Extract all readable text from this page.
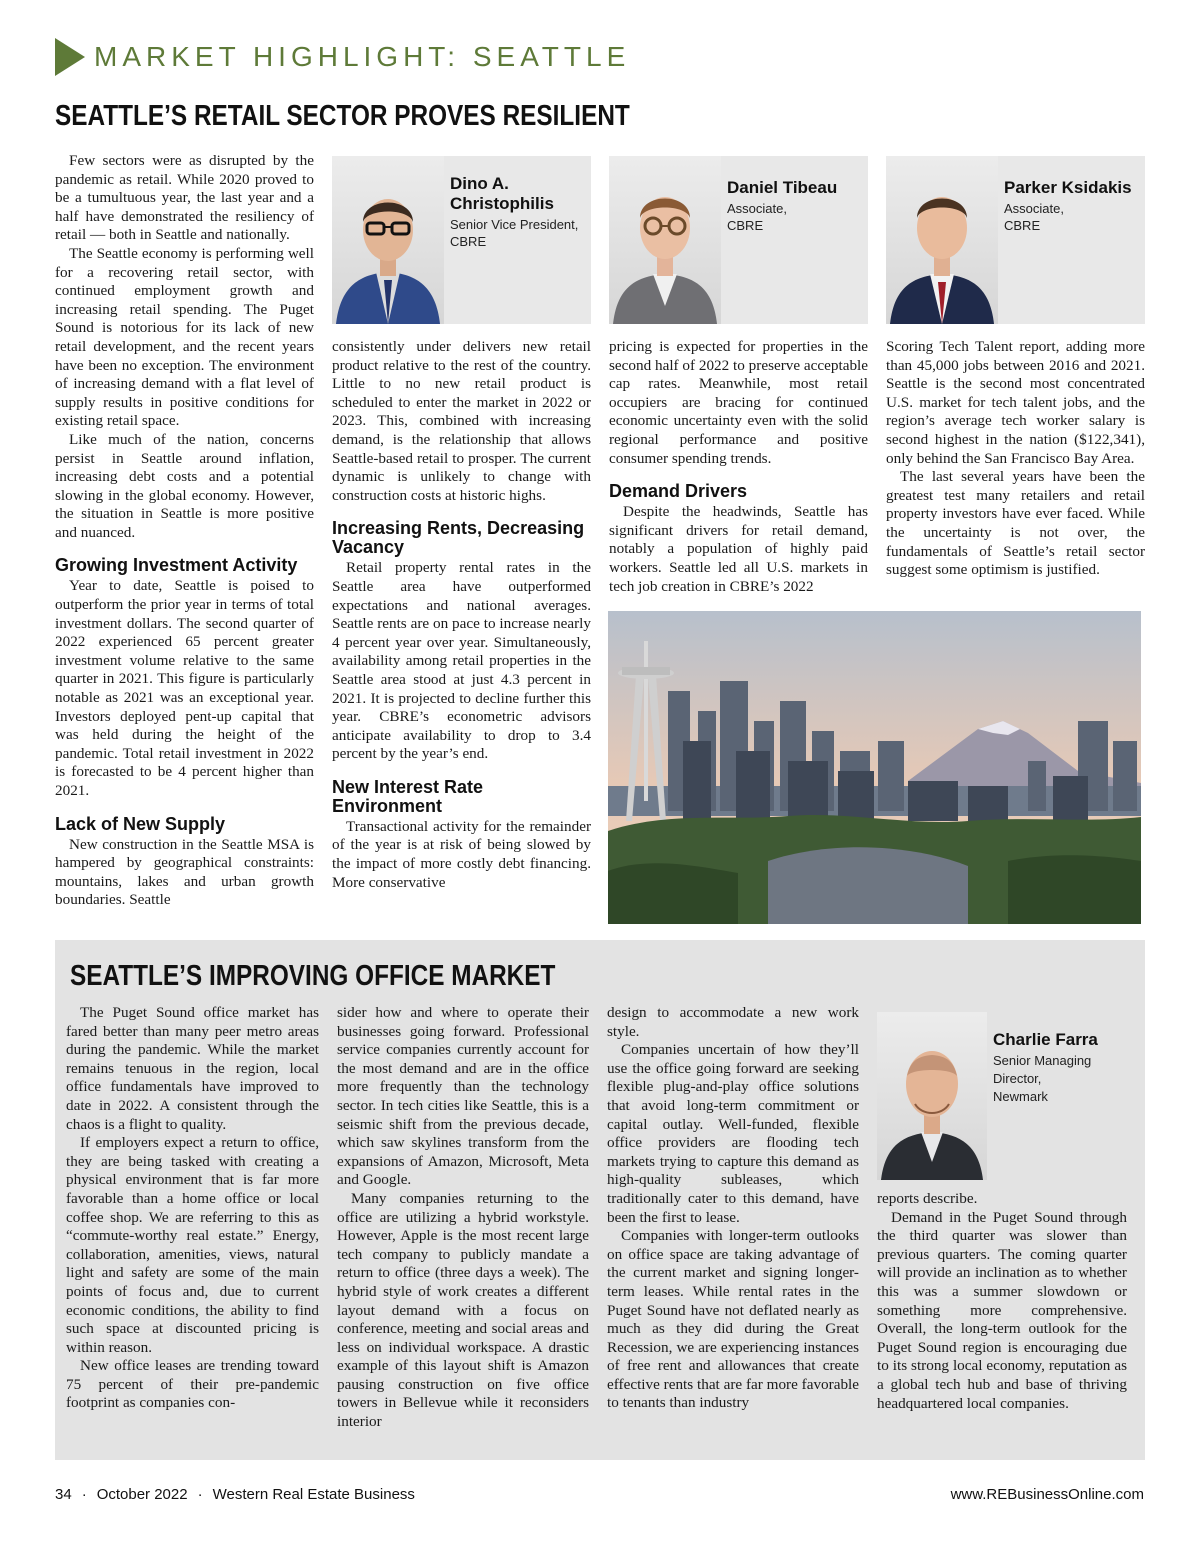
MARKET HIGHLIGHT: SEATTLE
SEATTLE’S RETAIL SECTOR PROVES RESILIENT

Few sectors were as disrupted by the pandemic as retail. While 2020 proved to be a tumultuous year, the last year and a half have demonstrated the resiliency of retail — both in Seattle and nationally.

The Seattle economy is performing well for a recovering retail sector, with continued employment growth and increasing retail spending. The Puget Sound is notorious for its lack of new retail development, and the recent years have been no exception. The environment of increasing demand with a flat level of supply results in positive conditions for existing retail space.

Like much of the nation, concerns persist in Seattle around inflation, increasing debt costs and a potential slowing in the global economy. However, the situation in Seattle is more positive and nuanced.

Growing Investment Activity

Year to date, Seattle is poised to outperform the prior year in terms of total investment dollars. The second quarter of 2022 experienced 65 percent greater investment volume relative to the same quarter in 2021. This figure is particularly notable as 2021 was an exceptional year. Investors deployed pent-up capital that was held during the height of the pandemic. Total retail investment in 2022 is forecasted to be 4 percent higher than 2021.

Lack of New Supply

New construction in the Seattle MSA is hampered by geographical constraints: mountains, lakes and urban growth boundaries. Seattle

Dino A.
Christophilis
Senior Vice President,
CBRE
Daniel Tibeau
Associate,
CBRE
Parker Ksidakis
Associate,
CBRE

consistently under delivers new retail product relative to the rest of the country. Little to no new retail product is scheduled to enter the market in 2022 or 2023. This, combined with increasing demand, is the relationship that allows Seattle-based retail to prosper. The current dynamic is unlikely to change with construction costs at historic highs.

Increasing Rents, Decreasing Vacancy

Retail property rental rates in the Seattle area have outperformed expectations and national averages. Seattle rents are on pace to increase nearly 4 percent year over year. Simultaneously, availability among retail properties in the Seattle area stood at just 4.3 percent in 2021. It is projected to decline further this year. CBRE’s econometric advisors anticipate availability to drop to 3.4 percent by the year’s end.

New Interest Rate Environment

Transactional activity for the remainder of the year is at risk of being slowed by the impact of more costly debt financing. More conservative

pricing is expected for properties in the second half of 2022 to preserve acceptable cap rates. Meanwhile, most retail occupiers are bracing for continued economic uncertainty even with the solid regional performance and positive consumer spending trends.

Demand Drivers

Despite the headwinds, Seattle has significant drivers for retail demand, notably a population of highly paid workers. Seattle led all U.S. markets in tech job creation in CBRE’s 2022

Scoring Tech Talent report, adding more than 45,000 jobs between 2016 and 2021. Seattle is the second most concentrated U.S. market for tech talent jobs, and the region’s average tech worker salary is second highest in the nation ($122,341), only behind the San Francisco Bay Area.

The last several years have been the greatest test many retailers and retail property investors have ever faced. While the uncertainty is not over, the fundamentals of Seattle’s retail sector suggest some optimism is justified.

SEATTLE’S IMPROVING OFFICE MARKET

The Puget Sound office market has fared better than many peer metro areas during the pandemic. While the market remains tenuous in the region, local office fundamentals have improved to date in 2022. A consistent through the chaos is a flight to quality.

If employers expect a return to office, they are being tasked with creating a physical environment that is far more favorable than a home office or local coffee shop. We are referring to this as “commute-worthy real estate.” Energy, collaboration, amenities, views, natural light and safety are some of the main points of focus and, due to current economic conditions, the ability to find such space at discounted pricing is within reason.

New office leases are trending toward 75 percent of their pre-pandemic footprint as companies con-

sider how and where to operate their businesses going forward. Professional service companies currently account for the most demand and are in the office more frequently than the technology sector. In tech cities like Seattle, this is a seismic shift from the previous decade, which saw skylines transform from the expansions of Amazon, Microsoft, Meta and Google.

Many companies returning to the office are utilizing a hybrid workstyle. However, Apple is the most recent large tech company to publicly mandate a return to office (three days a week). The hybrid style of work creates a different layout demand with a focus on conference, meeting and social areas and less on individual workspace. A drastic example of this layout shift is Amazon pausing construction on five office towers in Bellevue while it reconsiders interior

design to accommodate a new work style.

Companies uncertain of how they’ll use the office going forward are seeking flexible plug-and-play office solutions that avoid long-term commitment or capital outlay. Well-funded, flexible office providers are flooding tech markets trying to capture this demand as high-quality subleases, which traditionally cater to this demand, have been the first to lease.

Companies with longer-term outlooks on office space are taking advantage of the current market and signing longer-term leases. While rental rates in the Puget Sound have not deflated nearly as much as they did during the Great Recession, we are experiencing instances of free rent and allowances that create effective rents that are far more favorable to tenants than industry

Charlie Farra
Senior Managing
Director,
Newmark

reports describe.

Demand in the Puget Sound through the third quarter was slower than previous quarters. The coming quarter will provide an inclination as to whether this was a summer slowdown or something more comprehensive. Overall, the long-term outlook for the Puget Sound region is encouraging due to its strong local economy, reputation as a global tech hub and base of thriving headquartered local companies.

34 · October 2022 · Western Real Estate Business	www.REBusinessOnline.com
